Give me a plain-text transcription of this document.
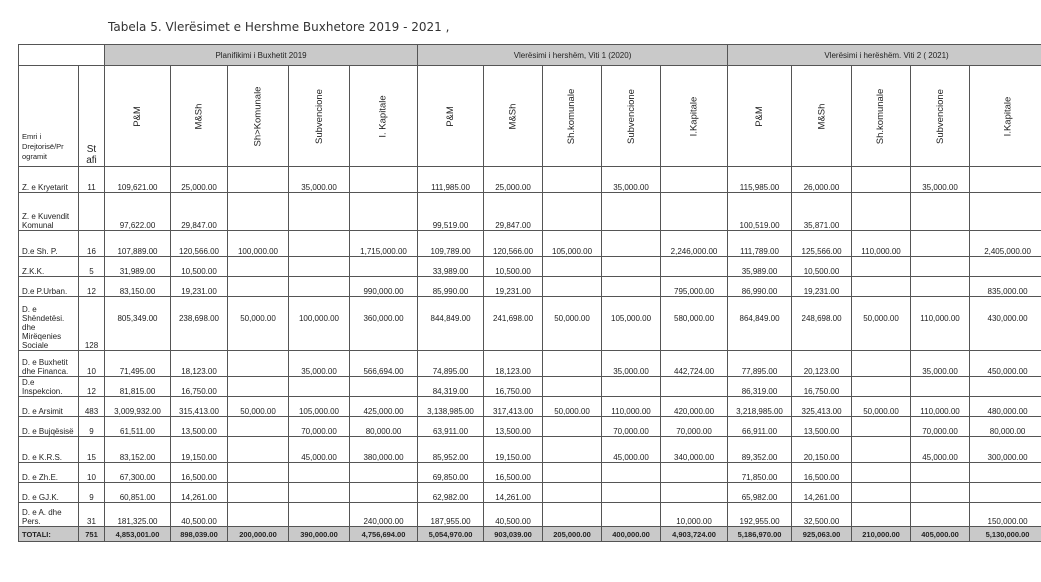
Tabela 5. Vlerësimet e Hershme Buxhetore 2019 - 2021 ,
		Planifikimi i Buxhetit 2019					Vlerësimi i hershëm, Viti 1 (2020)					Vlerësimi i herëshëm. Viti 2 ( 2021)				
Emri i Drejtorisë/Pr ogramit	St afi	P&M	M&Sh	Sh>Komunale	Subvencione	I. Kapitale	P&M	M&Sh	Sh.komunale	Subvencione	I.Kapitale	P&M	M&Sh	Sh.komunale	Subvencione	I.Kapitale
Z. e Kryetarit	11	109,621.00	25,000.00		35,000.00		111,985.00	25,000.00		35,000.00		115,985.00	26,000.00		35,000.00	
Z. e Kuvendit Komunal		97,622.00	29,847.00				99,519.00	29,847.00				100,519.00	35,871.00			
D.e Sh. P.	16	107,889.00	120,566.00	100,000.00		1,715,000.00	109,789.00	120,566.00	105,000.00		2,246,000.00	111,789.00	125,566.00	110,000.00		2,405,000.00
Z.K.K.	5	31,989.00	10,500.00				33,989.00	10,500.00				35,989.00	10,500.00			
D.e P.Urban.	12	83,150.00	19,231.00			990,000.00	85,990.00	19,231.00			795,000.00	86,990.00	19,231.00			835,000.00
D. e Shëndetësi. dhe Mirëqenies Sociale	128	805,349.00	238,698.00	50,000.00	100,000.00	360,000.00	844,849.00	241,698.00	50,000.00	105,000.00	580,000.00	864,849.00	248,698.00	50,000.00	110,000.00	430,000.00
D. e Buxhetit dhe Financa.	10	71,495.00	18,123.00		35,000.00	566,694.00	74,895.00	18,123.00		35,000.00	442,724.00	77,895.00	20,123.00		35,000.00	450,000.00
D.e Inspekcion.	12	81,815.00	16,750.00				84,319.00	16,750.00				86,319.00	16,750.00			
D. e Arsimit	483	3,009,932.00	315,413.00	50,000.00	105,000.00	425,000.00	3,138,985.00	317,413.00	50,000.00	110,000.00	420,000.00	3,218,985.00	325,413.00	50,000.00	110,000.00	480,000.00
D. e Bujqësisë	9	61,511.00	13,500.00		70,000.00	80,000.00	63,911.00	13,500.00		70,000.00	70,000.00	66,911.00	13,500.00		70,000.00	80,000.00
D. e K.R.S.	15	83,152.00	19,150.00		45,000.00	380,000.00	85,952.00	19,150.00		45,000.00	340,000.00	89,352.00	20,150.00		45,000.00	300,000.00
D. e Zh.E.	10	67,300.00	16,500.00				69,850.00	16,500.00				71,850.00	16,500.00			
D. e GJ.K.	9	60,851.00	14,261.00				62,982.00	14,261.00				65,982.00	14,261.00			
D. e A. dhe Pers.	31	181,325.00	40,500.00			240,000.00	187,955.00	40,500.00			10,000.00	192,955.00	32,500.00			150,000.00
TOTALI:	751	4,853,001.00	898,039.00	200,000.00	390,000.00	4,756,694.00	5,054,970.00	903,039.00	205,000.00	400,000.00	4,903,724.00	5,186,970.00	925,063.00	210,000.00	405,000.00	5,130,000.00
